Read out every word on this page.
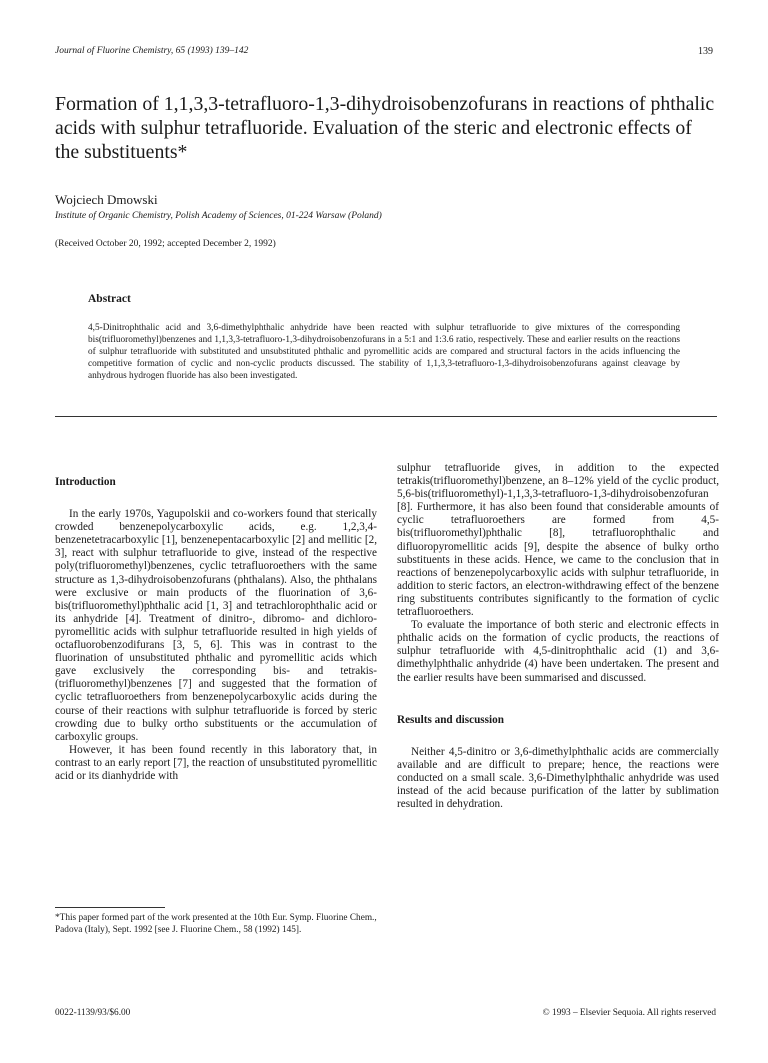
Journal of Fluorine Chemistry, 65 (1993) 139–142	139
Formation of 1,1,3,3-tetrafluoro-1,3-dihydroisobenzofurans in reactions of phthalic acids with sulphur tetrafluoride. Evaluation of the steric and electronic effects of the substituents*
Wojciech Dmowski
Institute of Organic Chemistry, Polish Academy of Sciences, 01-224 Warsaw (Poland)
(Received October 20, 1992; accepted December 2, 1992)
Abstract
4,5-Dinitrophthalic acid and 3,6-dimethylphthalic anhydride have been reacted with sulphur tetrafluoride to give mixtures of the corresponding bis(trifluoromethyl)benzenes and 1,1,3,3-tetrafluoro-1,3-dihydroisobenzofurans in a 5:1 and 1:3.6 ratio, respectively. These and earlier results on the reactions of sulphur tetrafluoride with substituted and unsubstituted phthalic and pyromellitic acids are compared and structural factors in the acids influencing the competitive formation of cyclic and non-cyclic products discussed. The stability of 1,1,3,3-tetrafluoro-1,3-dihydroisobenzofurans against cleavage by anhydrous hydrogen fluoride has also been investigated.
Introduction

In the early 1970s, Yagupolskii and co-workers found that sterically crowded benzenepolycarboxylic acids, e.g. 1,2,3,4-benzenetetracarboxylic [1], benzenepentacarboxylic [2] and mellitic [2, 3], react with sulphur tetrafluoride to give, instead of the respective poly(trifluoromethyl)benzenes, cyclic tetrafluoroethers with the same structure as 1,3-dihydroisobenzofurans (phthalans). Also, the phthalans were exclusive or main products of the fluorination of 3,6-bis(trifluoromethyl)phthalic acid [1, 3] and tetrachlorophthalic acid or its anhydride [4]. Treatment of dinitro-, dibromo- and dichloro-pyromellitic acids with sulphur tetrafluoride resulted in high yields of octafluorobenzodifurans [3, 5, 6]. This was in contrast to the fluorination of unsubstituted phthalic and pyromellitic acids which gave exclusively the corresponding bis- and tetrakis-(trifluoromethyl)benzenes [7] and suggested that the formation of cyclic tetrafluoroethers from benzenepolycarboxylic acids during the course of their reactions with sulphur tetrafluoride is forced by steric crowding due to bulky ortho substituents or the accumulation of carboxylic groups.

However, it has been found recently in this laboratory that, in contrast to an early report [7], the reaction of unsubstituted pyromellitic acid or its dianhydride with

*This paper formed part of the work presented at the 10th Eur. Symp. Fluorine Chem., Padova (Italy), Sept. 1992 [see J. Fluorine Chem., 58 (1992) 145].

sulphur tetrafluoride gives, in addition to the expected tetrakis(trifluoromethyl)benzene, an 8–12% yield of the cyclic product, 5,6-bis(trifluoromethyl)-1,1,3,3-tetrafluoro-1,3-dihydroisobenzofuran [8]. Furthermore, it has also been found that considerable amounts of cyclic tetrafluoroethers are formed from 4,5-bis(trifluoromethyl)phthalic [8], tetrafluorophthalic and difluoropyromellitic acids [9], despite the absence of bulky ortho substituents in these acids. Hence, we came to the conclusion that in reactions of benzenepolycarboxylic acids with sulphur tetrafluoride, in addition to steric factors, an electron-withdrawing effect of the benzene ring substituents contributes significantly to the formation of cyclic tetrafluoroethers.

To evaluate the importance of both steric and electronic effects in phthalic acids on the formation of cyclic products, the reactions of sulphur tetrafluoride with 4,5-dinitrophthalic acid (1) and 3,6-dimethylphthalic anhydride (4) have been undertaken. The present and the earlier results have been summarised and discussed.

Results and discussion

Neither 4,5-dinitro or 3,6-dimethylphthalic acids are commercially available and are difficult to prepare; hence, the reactions were conducted on a small scale. 3,6-Dimethylphthalic anhydride was used instead of the acid because purification of the latter by sublimation resulted in dehydration.

0022-1139/93/$6.00	© 1993 – Elsevier Sequoia. All rights reserved
